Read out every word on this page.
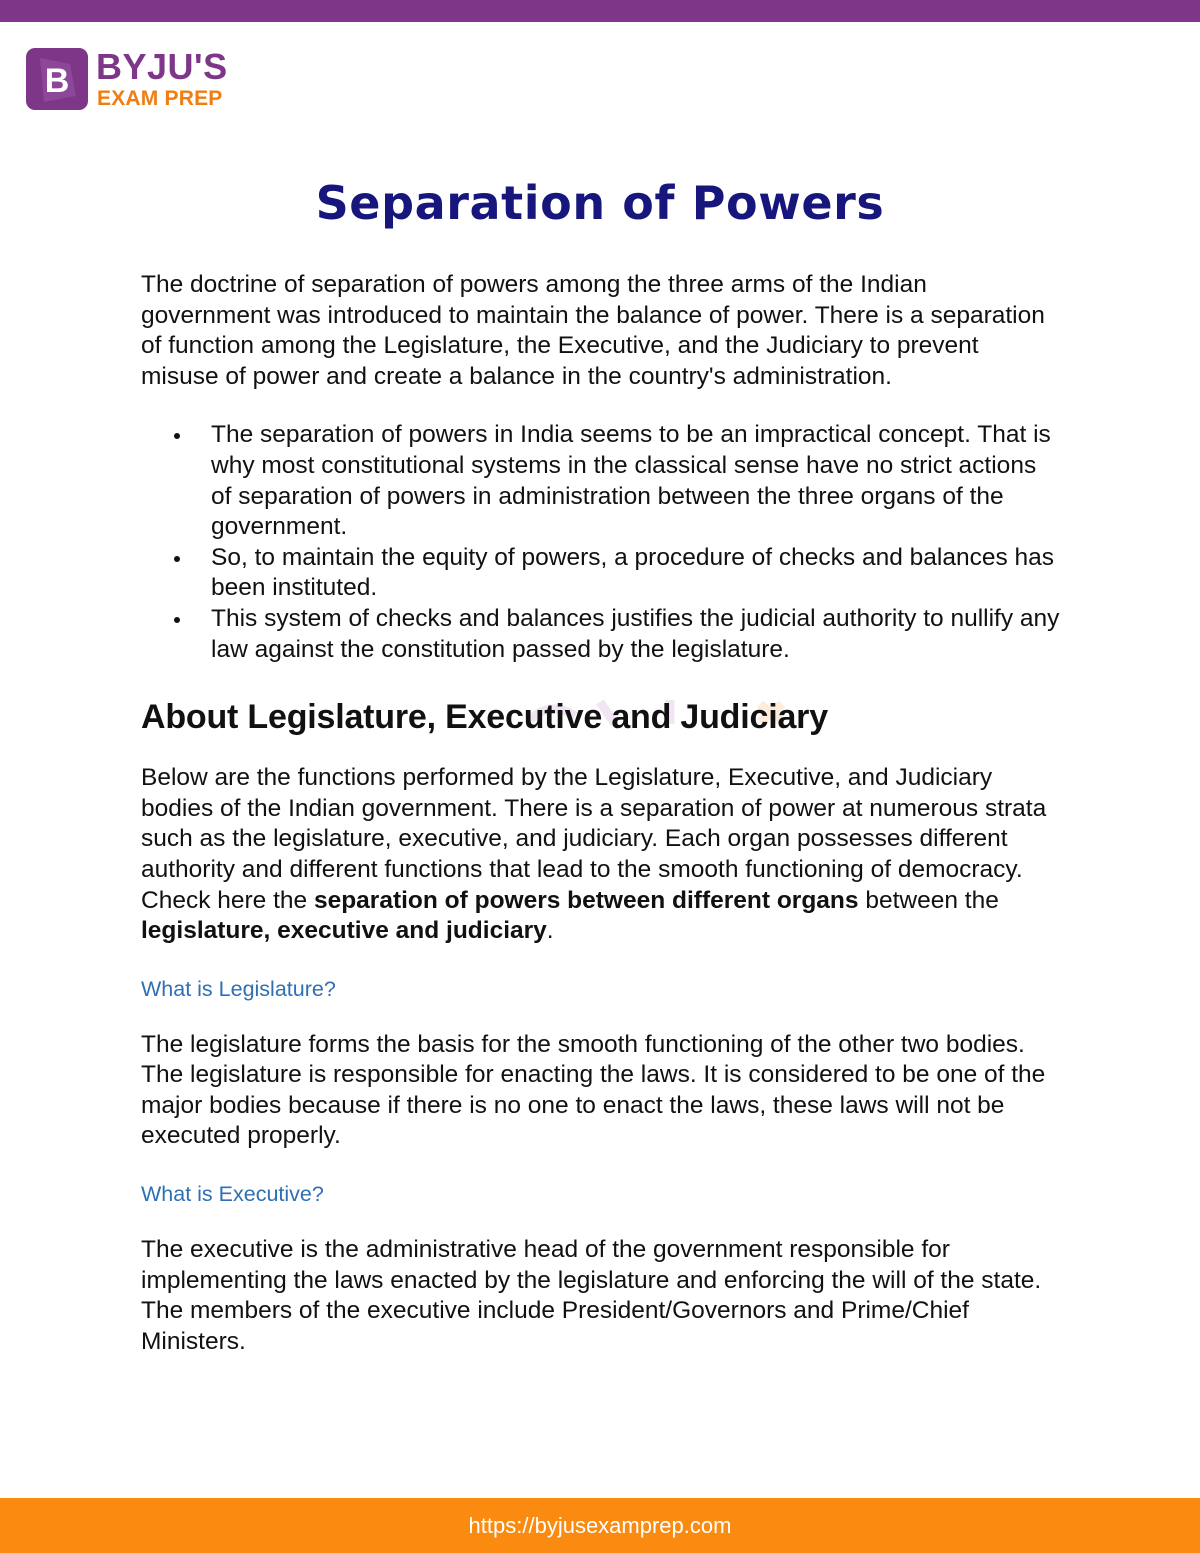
B BYJU'S
EXAM PREP
Separation of Powers

The doctrine of separation of powers among the three arms of the Indian government was introduced to maintain the balance of power. There is a separation of function among the Legislature, the Executive, and the Judiciary to prevent misuse of power and create a balance in the country's administration.

The separation of powers in India seems to be an impractical concept. That is why most constitutional systems in the classical sense have no strict actions of separation of powers in administration between the three organs of the government.
So, to maintain the equity of powers, a procedure of checks and balances has been instituted.
This system of checks and balances justifies the judicial authority to nullify any law against the constitution passed by the legislature.
About Legislature, Executive and Judiciary

Below are the functions performed by the Legislature, Executive, and Judiciary bodies of the Indian government. There is a separation of power at numerous strata such as the legislature, executive, and judiciary. Each organ possesses different authority and different functions that lead to the smooth functioning of democracy. Check here the separation of powers between different organs between the legislature, executive and judiciary.

What is Legislature?

The legislature forms the basis for the smooth functioning of the other two bodies. The legislature is responsible for enacting the laws. It is considered to be one of the major bodies because if there is no one to enact the laws, these laws will not be executed properly.

What is Executive?

The executive is the administrative head of the government responsible for implementing the laws enacted by the legislature and enforcing the will of the state. The members of the executive include President/Governors and Prime/Chief Ministers.

https://byjusexamprep.com
